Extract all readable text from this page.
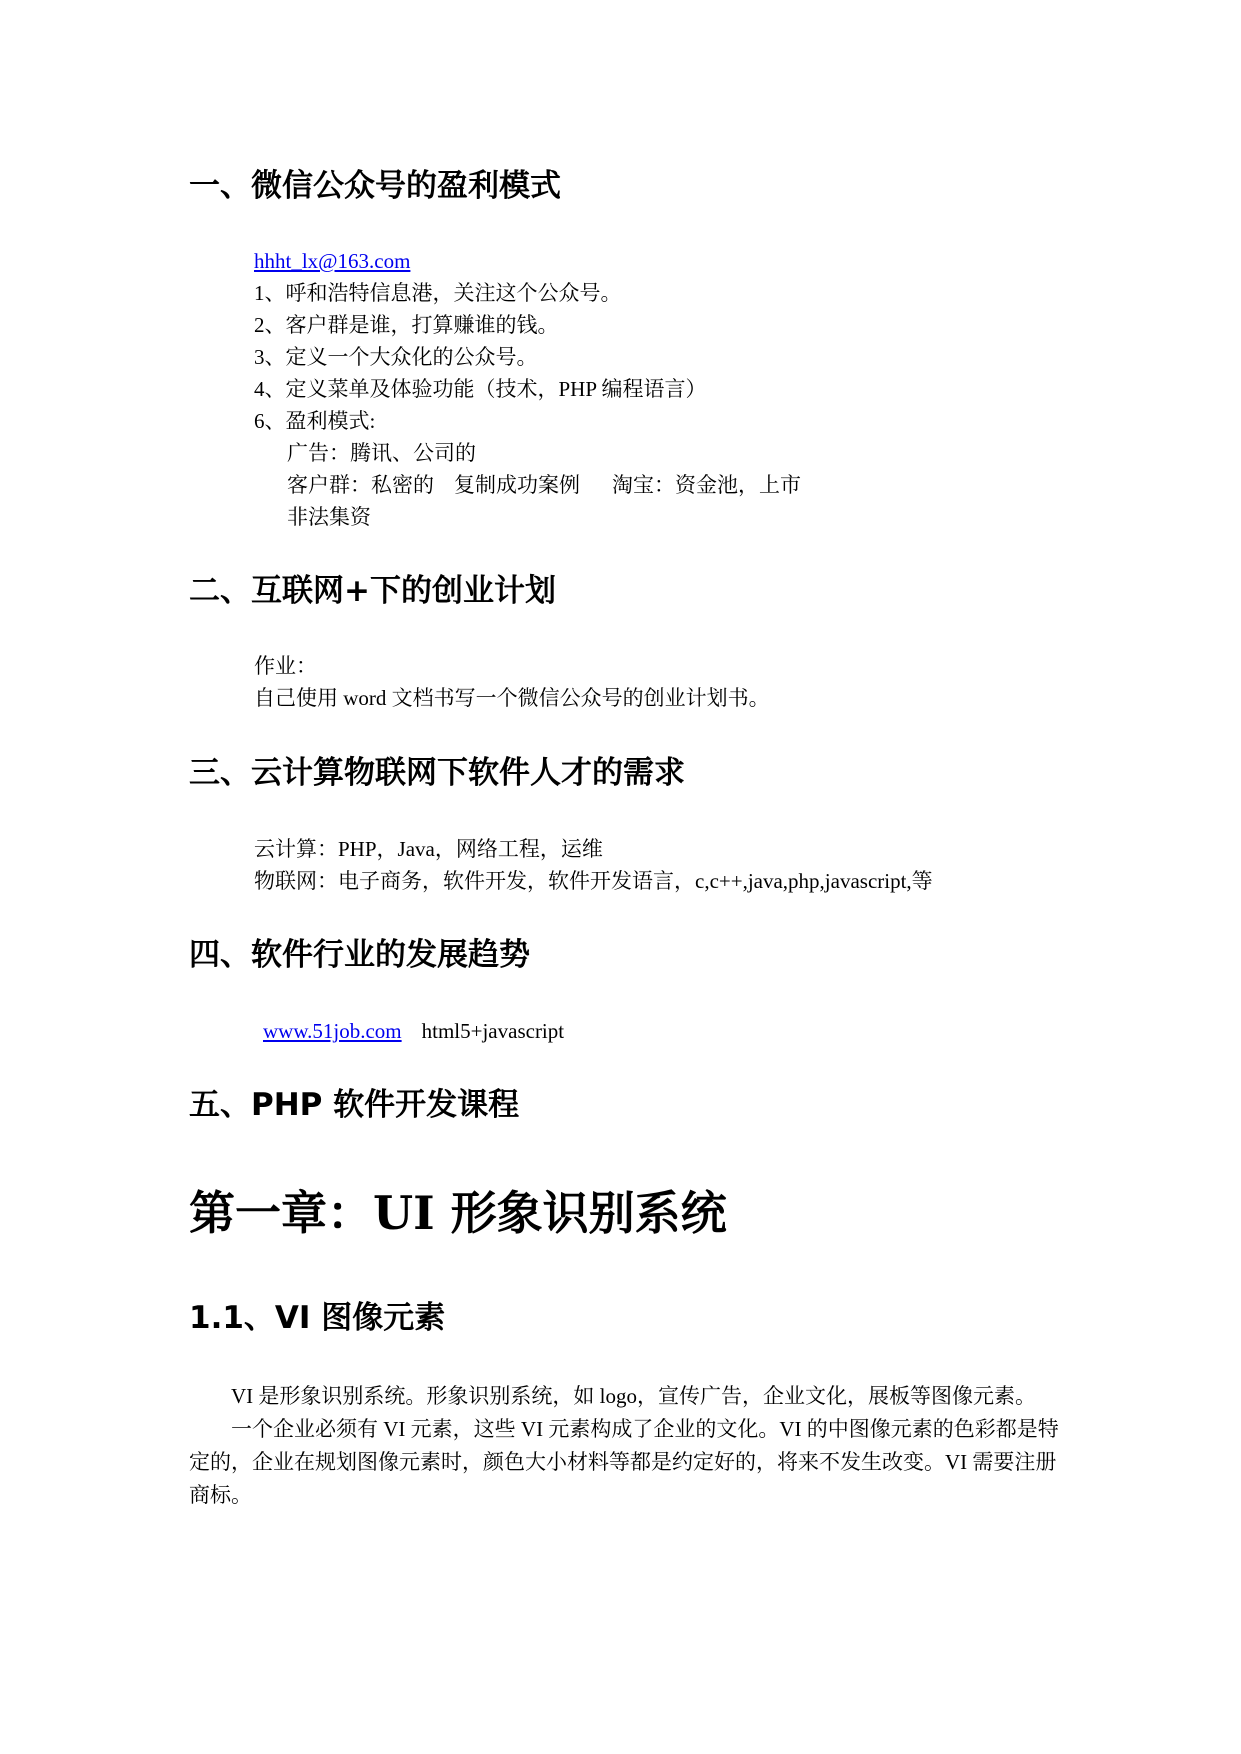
一、微信公众号的盈利模式
hhht_lx@163.com

1、呼和浩特信息港，关注这个公众号。

2、客户群是谁，打算赚谁的钱。

3、定义一个大众化的公众号。

4、定义菜单及体验功能（技术，PHP 编程语言）

6、盈利模式:

广告：腾讯、公司的

客户群：私密的 复制成功案例 淘宝：资金池，上市

非法集资

二、互联网+下的创业计划

作业：

自己使用 word 文档书写一个微信公众号的创业计划书。

三、云计算物联网下软件人才的需求

云计算：PHP，Java，网络工程，运维

物联网：电子商务，软件开发，软件开发语言，c,c++,java,php,javascript,等

四、软件行业的发展趋势

www.51job.com html5+javascript

五、PHP 软件开发课程
第一章：UI 形象识别系统
1.1、VI 图像元素

VI 是形象识别系统。形象识别系统，如 logo，宣传广告，企业文化，展板等图像元素。

一个企业必须有 VI 元素，这些 VI 元素构成了企业的文化。VI 的中图像元素的色彩都是特定的，企业在规划图像元素时，颜色大小材料等都是约定好的，将来不发生改变。VI 需要注册商标。
